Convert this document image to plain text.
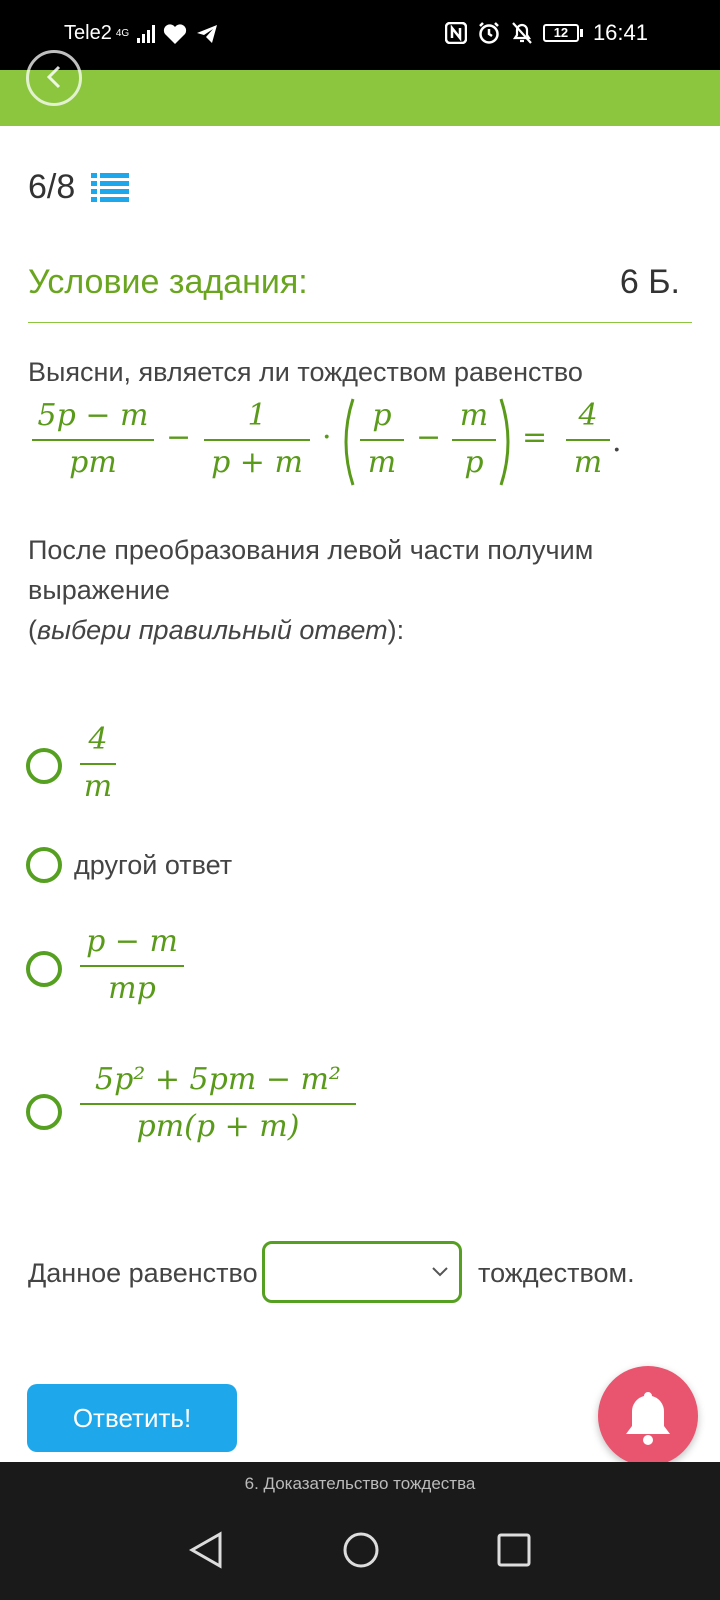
Tele2 4G	12	16:41
6/8
Условие задания:	6 Б.
Выясни, является ли тождеством равенство
5p − m
pm
−
1
p + m
·
p
m
−
m
p
=
4
m
.
После преобразования левой части получим
выражение
(выбери правильный ответ):
4
m
другой ответ
p − m
mp
5p² + 5pm − m²
pm(p + m)
Данное равенство	тождеством.
Ответить!
6. Доказательство тождества
